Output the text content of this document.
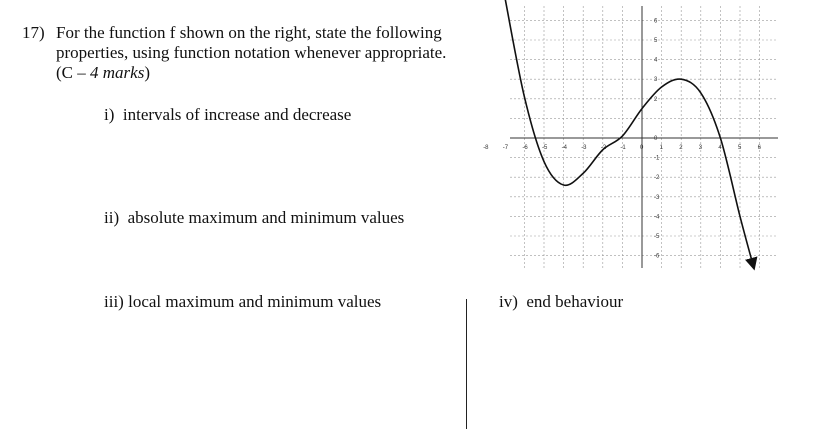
17) For the function f shown on the right, state the following
properties, using function notation whenever appropriate.
(C – 4 marks)
i) intervals of increase and decrease
ii) absolute maximum and minimum values
iii) local maximum and minimum values	iv) end behaviour
-8 -7 -6 -5 -4 -3 -2 -1 0	1	2	3	4	5	6
6
5
4
3
2
0
-1
-2
-3
-4
-5
-6
